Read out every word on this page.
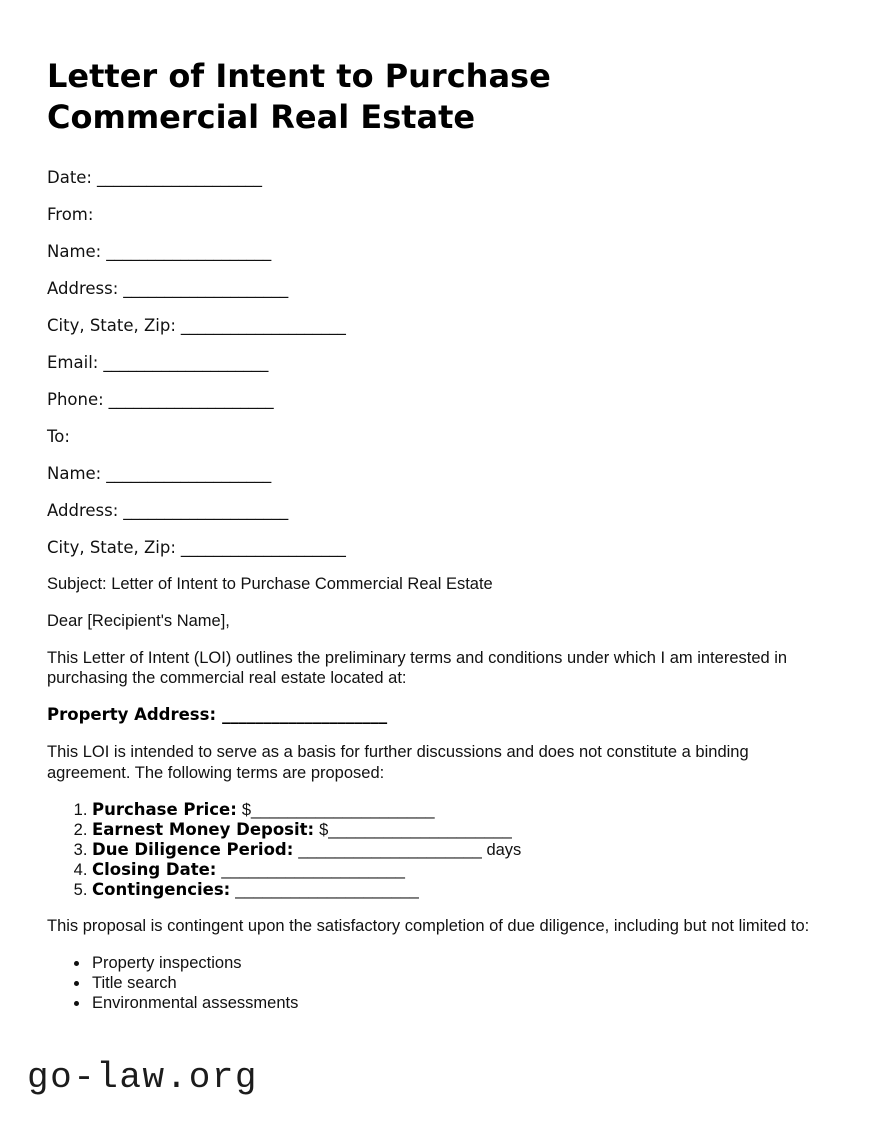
Letter of Intent to Purchase Commercial Real Estate

Date: ____________________

From:

Name: ____________________

Address: ____________________

City, State, Zip: ____________________

Email: ____________________

Phone: ____________________

To:

Name: ____________________

Address: ____________________

City, State, Zip: ____________________

Subject: Letter of Intent to Purchase Commercial Real Estate

Dear [Recipient's Name],

This Letter of Intent (LOI) outlines the preliminary terms and conditions under which I am interested in purchasing the commercial real estate located at:

Property Address: ____________________

This LOI is intended to serve as a basis for further discussions and does not constitute a binding agreement. The following terms are proposed:

1. Purchase Price: $____________________
2. Earnest Money Deposit: $____________________
3. Due Diligence Period: ____________________ days
4. Closing Date: ____________________
5. Contingencies: ____________________

This proposal is contingent upon the satisfactory completion of due diligence, including but not limited to:

• Property inspections
• Title search
• Environmental assessments
go-law.org
